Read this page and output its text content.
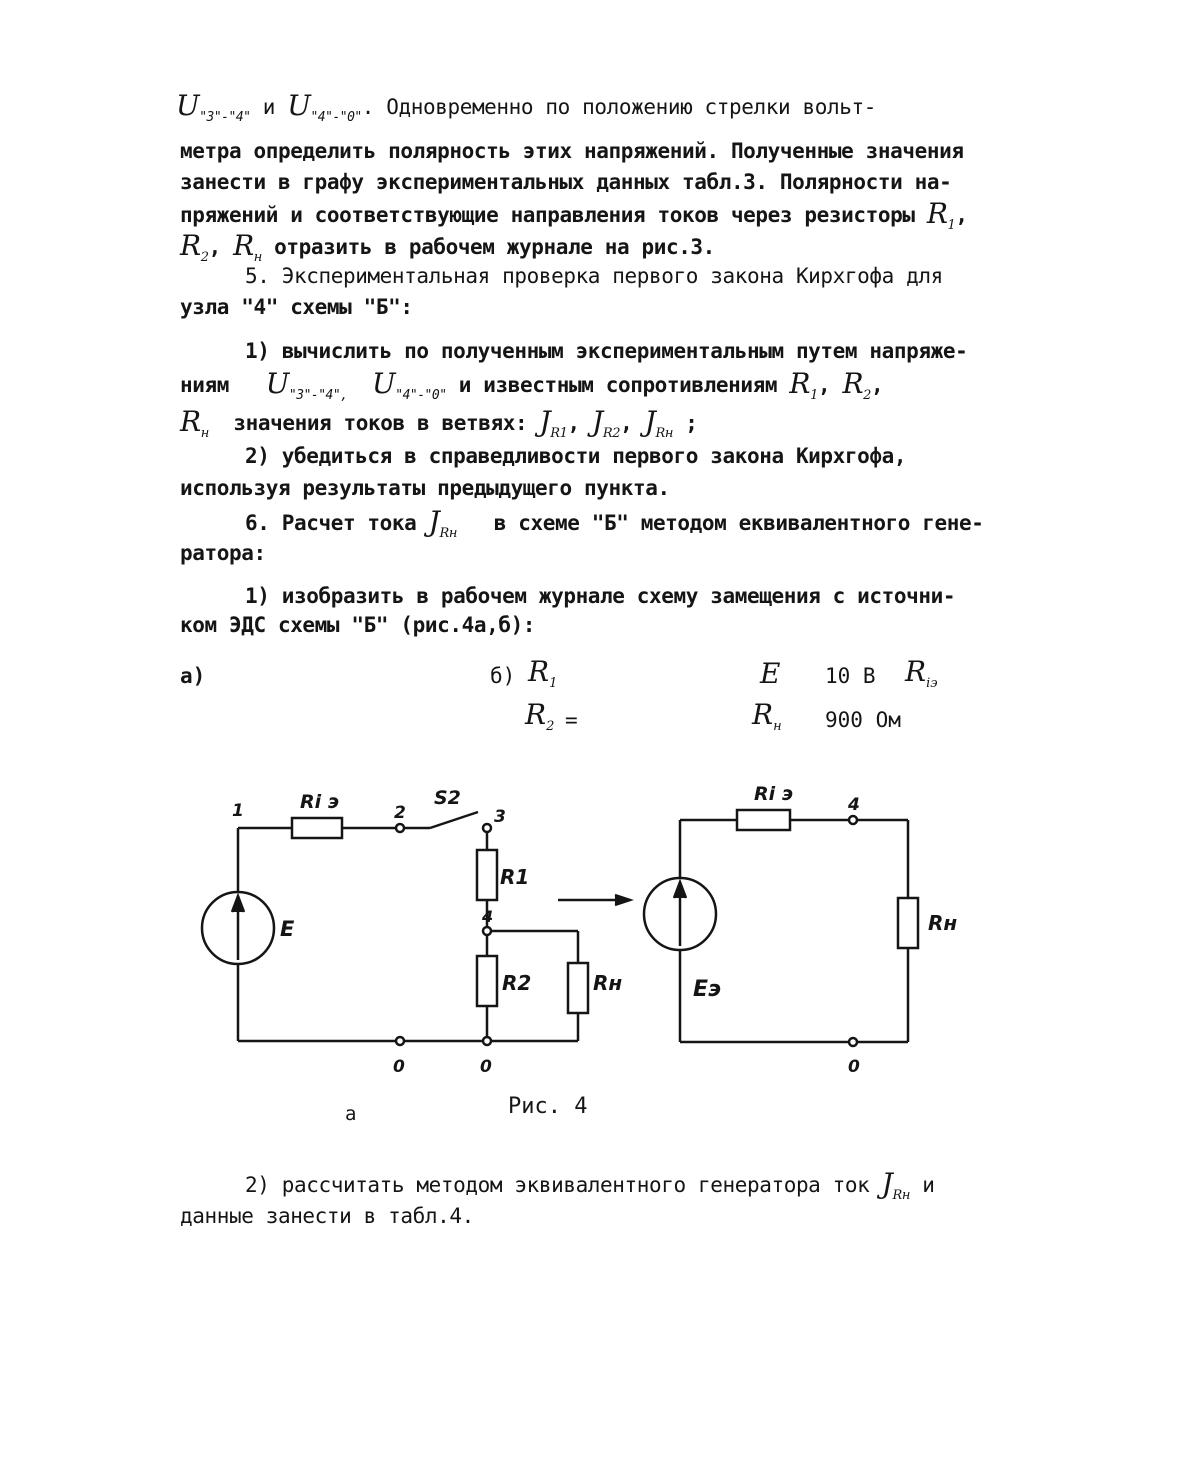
$U_{"3"-"4"}$ и $U_{"4"-"0"}$. Одновременно по положению стрелки вольт-
метра определить полярность этих напряжений. Полученные значения
занести в графу экспериментальных данных табл.3. Полярности на-
пряжений и соответствующие направления токов через резисторы $R_1$,
$R_2$, $R_н$ отразить в рабочем журнале на рис.3.
5. Экспериментальная проверка первого закона Кирхгофа для
узла "4" схемы "Б":
1) вычислить по полученным экспериментальным путем напряже-
ниям $U_{"3"-"4",}$ $U_{"4"-"0"}$ и известным сопротивлениям $R_1$, $R_2$,
$R_н$ значения токов в ветвях: $J_{R1}$, $J_{R2}$, $J_{Rн}$ ;
2) убедиться в справедливости первого закона Кирхгофа,
используя результаты предыдущего пункта.
6. Расчет тока $J_{Rн}$ в схеме "Б" методом еквивалентного гене-
ратора:
1) изобразить в рабочем журнале схему замещения с источни-
ком ЭДС схемы "Б" (рис.4а,б):
а)	б) $R_1$
$R_2$ =
E 10 В $R_{iэ}$
$R_н$ 900 Ом
1	Ri э	2
S2
3
R1
4
R2	Rн
E
0	0
Ri э	4
Rн
Eэ
0
а	Рис. 4
2) рассчитать методом эквивалентного генератора ток $J_{Rн}$ и
данные занести в табл.4.
